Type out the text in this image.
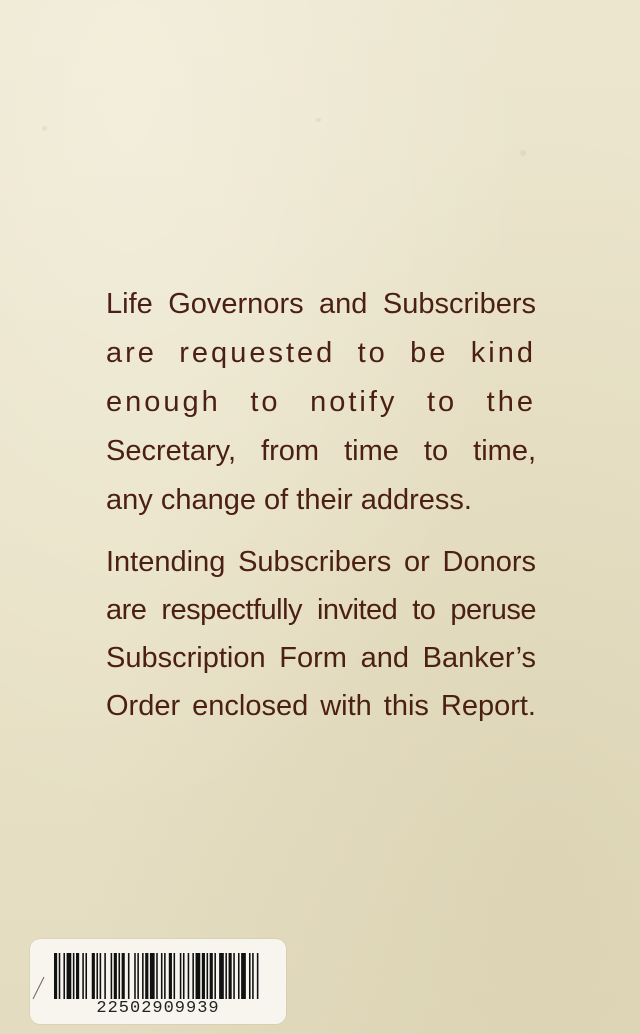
Life Governors and Subscribers
are requested to be kind
enough to notify to the
Secretary, from time to time,
any change of their address.
Intending Subscribers or Donors
are respectfully invited to peruse
Subscription Form and Banker’s
Order enclosed with this Report.
22502909939
